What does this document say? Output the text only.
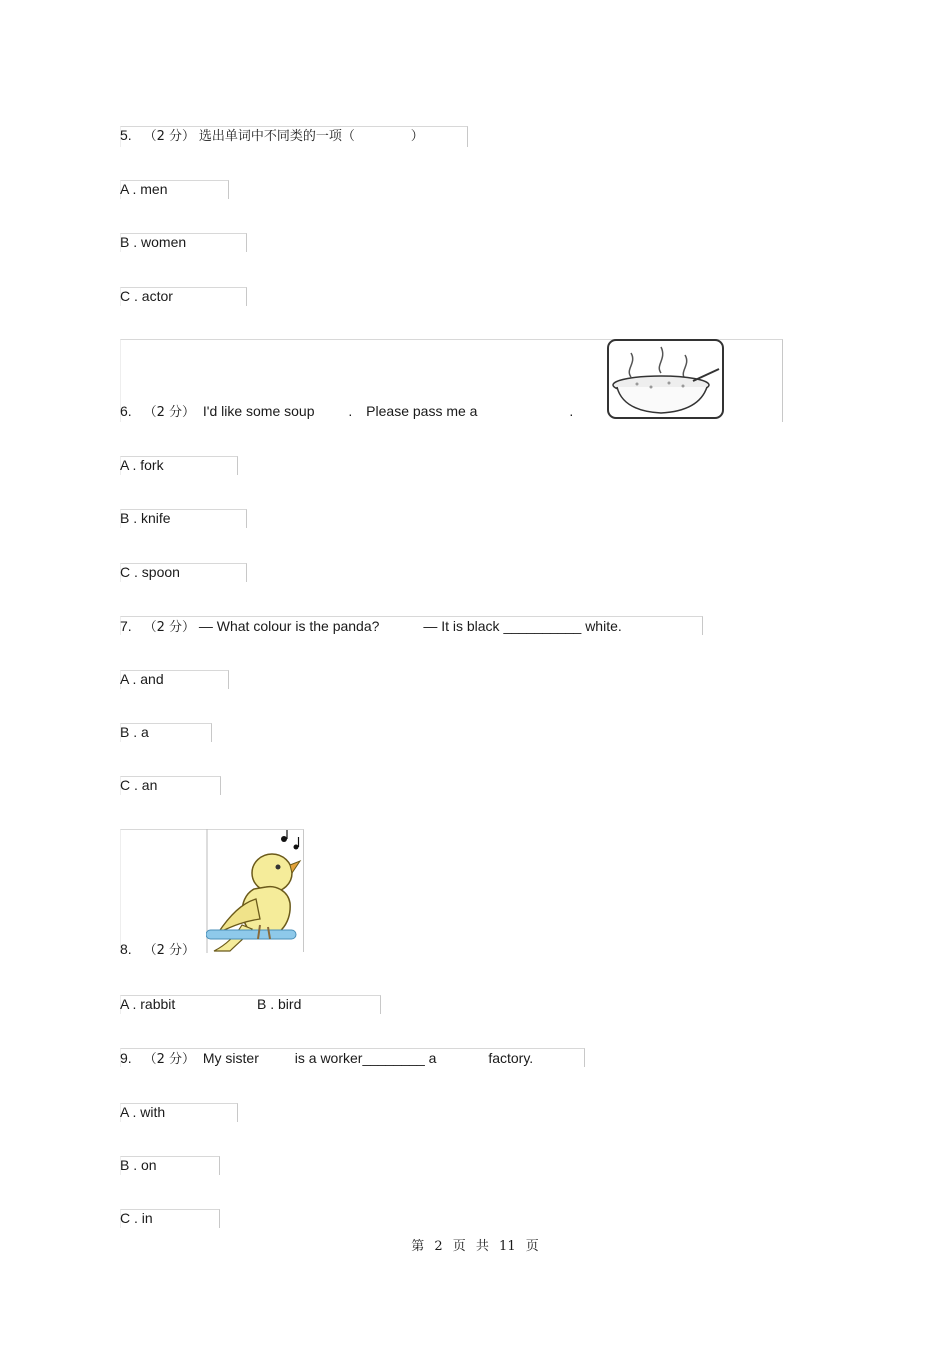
5. （2 分） 选出单词中不同类的一项（	）
A . men
B . women
C . actor
6. （2 分） I'd like some soup . Please pass me a	.
A . fork
B . knife
C . spoon
7. （2 分） — What colour is the panda?	— It is black __________ white.
A . and
B . a
C . an
8. （2 分）
A . rabbit	B . bird
9. （2 分） My sister	is a worker________ a	factory.
A . with
B . on
C . in
第 2 页 共 11 页
